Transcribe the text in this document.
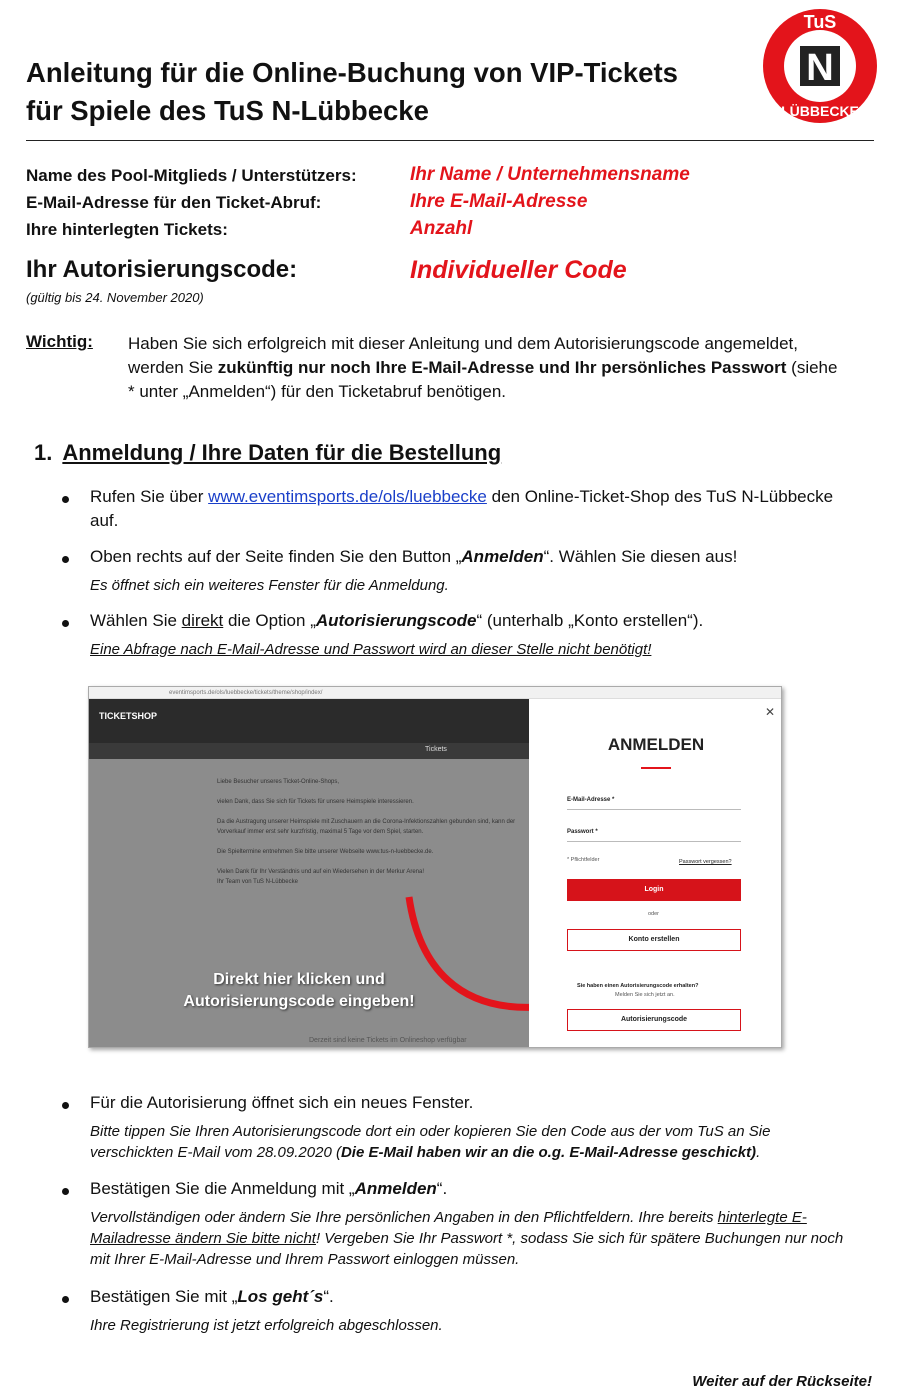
Anleitung für die Online-Buchung von VIP-Tickets
für Spiele des TuS N-Lübbecke
N
TuS
LÜBBECKE
Name des Pool-Mitglieds / Unterstützers:	Ihr Name / Unternehmensname
E-Mail-Adresse für den Ticket-Abruf:	Ihre E-Mail-Adresse
Ihre hinterlegten Tickets:	Anzahl
Ihr Autorisierungscode:	Individueller Code
(gültig bis 24. November 2020)
Wichtig: Haben Sie sich erfolgreich mit dieser Anleitung und dem Autorisierungscode angemeldet, werden Sie zukünftig nur noch Ihre E-Mail-Adresse und Ihr persönliches Passwort (siehe * unter „Anmelden“) für den Ticketabruf benötigen.
1. Anmeldung / Ihre Daten für die Bestellung
Rufen Sie über www.eventimsports.de/ols/luebbecke den Online-Ticket-Shop des TuS N-Lübbecke auf.
Oben rechts auf der Seite finden Sie den Button „Anmelden“. Wählen Sie diesen aus!
Es öffnet sich ein weiteres Fenster für die Anmeldung.
Wählen Sie direkt die Option „Autorisierungscode“ (unterhalb „Konto erstellen“).
Eine Abfrage nach E-Mail-Adresse und Passwort wird an dieser Stelle nicht benötigt!
eventimsports.de/ols/luebbecke/tickets/theme/shop/index/
TICKETSHOP
Tickets
Liebe Besucher unseres Ticket-Online-Shops,

vielen Dank, dass Sie sich für Tickets für unsere Heimspiele interessieren.

Da die Austragung unserer Heimspiele mit Zuschauern an die Corona-Infektionszahlen gebunden sind, kann der Vorverkauf immer erst sehr kurzfristig, maximal 5 Tage vor dem Spiel, starten.

Die Spieltermine entnehmen Sie bitte unserer Webseite www.tus-n-luebbecke.de.

Vielen Dank für Ihr Verständnis und auf ein Wiedersehen in der Merkur Arena!
Ihr Team von TuS N-Lübbecke
Direkt hier klicken und
Autorisierungscode eingeben!
Derzeit sind keine Tickets im Onlineshop verfügbar
✕
ANMELDEN
E-Mail-Adresse *
Passwort *
* Pflichtfelder	Passwort vergessen?
Login
oder
Konto erstellen
Sie haben einen Autorisierungscode erhalten?
Melden Sie sich jetzt an.
Autorisierungscode
Für die Autorisierung öffnet sich ein neues Fenster.
Bitte tippen Sie Ihren Autorisierungscode dort ein oder kopieren Sie den Code aus der vom TuS an Sie verschickten E-Mail vom 28.09.2020 (Die E-Mail haben wir an die o.g. E-Mail-Adresse geschickt).
Bestätigen Sie die Anmeldung mit „Anmelden“.
Vervollständigen oder ändern Sie Ihre persönlichen Angaben in den Pflichtfeldern. Ihre bereits hinterlegte E-Mailadresse ändern Sie bitte nicht! Vergeben Sie Ihr Passwort *, sodass Sie sich für spätere Buchungen nur noch mit Ihrer E-Mail-Adresse und Ihrem Passwort einloggen müssen.
Bestätigen Sie mit „Los geht´s“.
Ihre Registrierung ist jetzt erfolgreich abgeschlossen.
Weiter auf der Rückseite!
